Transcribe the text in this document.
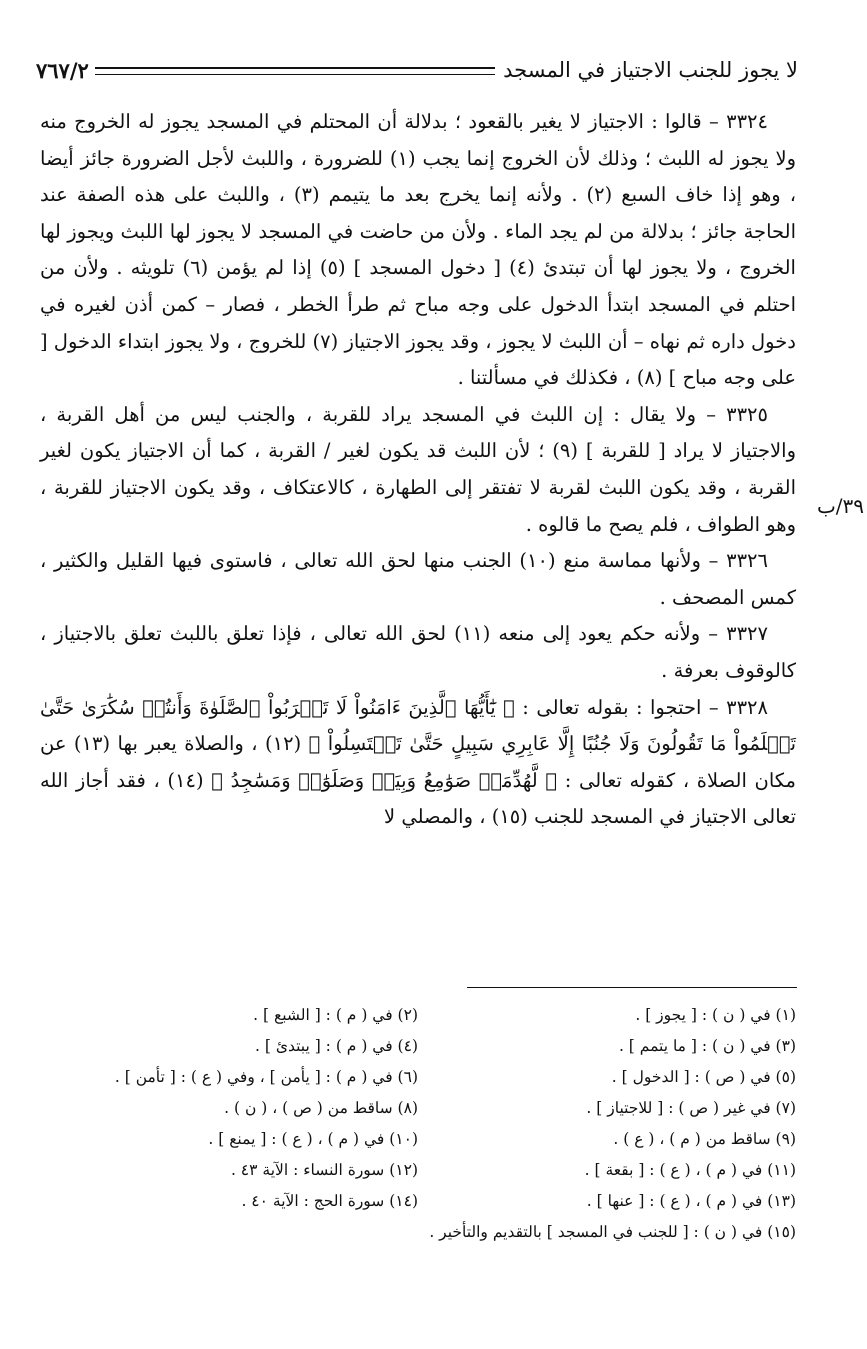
لا يجوز للجنب الاجتياز في المسجد
٧٦٧/٢
٣٩/ب

٣٣٢٤ – قالوا : الاجتياز لا يغير بالقعود ؛ بدلالة أن المحتلم في المسجد يجوز له الخروج منه ولا يجوز له اللبث ؛ وذلك لأن الخروج إنما يجب (١) للضرورة ، واللبث لأجل الضرورة جائز أيضا ، وهو إذا خاف السبع (٢) . ولأنه إنما يخرج بعد ما يتيمم (٣) ، واللبث على هذه الصفة عند الحاجة جائز ؛ بدلالة من لم يجد الماء . ولأن من حاضت في المسجد لا يجوز لها اللبث ويجوز لها الخروج ، ولا يجوز لها أن تبتدئ (٤) [ دخول المسجد ] (٥) إذا لم يؤمن (٦) تلويثه . ولأن من احتلم في المسجد ابتدأ الدخول على وجه مباح ثم طرأ الخطر ، فصار – كمن أذن لغيره في دخول داره ثم نهاه – أن اللبث لا يجوز ، وقد يجوز الاجتياز (٧) للخروج ، ولا يجوز ابتداء الدخول [ على وجه مباح ] (٨) ، فكذلك في مسألتنا .

٣٣٢٥ – ولا يقال : إن اللبث في المسجد يراد للقربة ، والجنب ليس من أهل القربة ، والاجتياز لا يراد [ للقربة ] (٩) ؛ لأن اللبث قد يكون لغير / القربة ، كما أن الاجتياز يكون لغير القربة ، وقد يكون اللبث لقربة لا تفتقر إلى الطهارة ، كالاعتكاف ، وقد يكون الاجتياز للقربة ، وهو الطواف ، فلم يصح ما قالوه .

٣٣٢٦ – ولأنها مماسة منع (١٠) الجنب منها لحق الله تعالى ، فاستوى فيها القليل والكثير ، كمس المصحف .

٣٣٢٧ – ولأنه حكم يعود إلى منعه (١١) لحق الله تعالى ، فإذا تعلق باللبث تعلق بالاجتياز ، كالوقوف بعرفة .

٣٣٢٨ – احتجوا : بقوله تعالى : ﴿ يَٰٓأَيُّهَا ٱلَّذِينَ ءَامَنُواْ لَا تَقۡرَبُواْ ٱلصَّلَوٰةَ وَأَنتُمۡ سُكَٰرَىٰ حَتَّىٰ تَعۡلَمُواْ مَا تَقُولُونَ وَلَا جُنُبًا إِلَّا عَابِرِي سَبِيلٍ حَتَّىٰ تَغۡتَسِلُواْ ﴾ (١٢) ، والصلاة يعبر بها (١٣) عن مكان الصلاة ، كقوله تعالى : ﴿ لَّهُدِّمَتۡ صَوَٰمِعُ وَبِيَعٞ وَصَلَوَٰتٞ وَمَسَٰجِدُ ﴾ (١٤) ، فقد أجاز الله تعالى الاجتياز في المسجد للجنب (١٥) ، والمصلي لا

(١) في ( ن ) : [ يجوز ] .
(٢) في ( م ) : [ الشبع ] .
(٣) في ( ن ) : [ ما يتمم ] .
(٤) في ( م ) : [ يبتدئ ] .
(٥) في ( ص ) : [ الدخول ] .
(٦) في ( م ) : [ يأمن ] ، وفي ( ع ) : [ تأمن ] .
(٧) في غير ( ص ) : [ للاجتياز ] .
(٨) ساقط من ( ص ) ، ( ن ) .
(٩) ساقط من ( م ) ، ( ع ) .
(١٠) في ( م ) ، ( ع ) : [ يمنع ] .
(١١) في ( م ) ، ( ع ) : [ بقعة ] .
(١٢) سورة النساء : الآية ٤٣ .
(١٣) في ( م ) ، ( ع ) : [ عنها ] .
(١٤) سورة الحج : الآية ٤٠ .
(١٥) في ( ن ) : [ للجنب في المسجد ] بالتقديم والتأخير .
